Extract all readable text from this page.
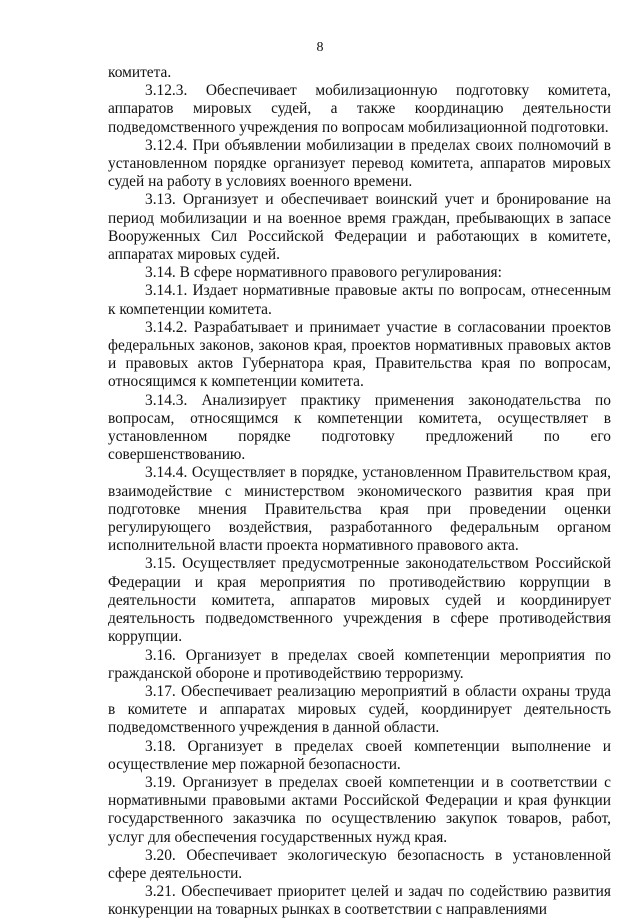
8

комитета.

3.12.3. Обеспечивает мобилизационную подготовку комитета, аппаратов мировых судей, а также координацию деятельности подведомственного учреждения по вопросам мобилизационной подготовки.

3.12.4. При объявлении мобилизации в пределах своих полномочий в установленном порядке организует перевод комитета, аппаратов мировых судей на работу в условиях военного времени.

3.13. Организует и обеспечивает воинский учет и бронирование на период мобилизации и на военное время граждан, пребывающих в запасе Вооруженных Сил Российской Федерации и работающих в комитете, аппаратах мировых судей.

3.14. В сфере нормативного правового регулирования:

3.14.1. Издает нормативные правовые акты по вопросам, отнесенным к компетенции комитета.

3.14.2. Разрабатывает и принимает участие в согласовании проектов федеральных законов, законов края, проектов нормативных правовых актов и правовых актов Губернатора края, Правительства края по вопросам, относящимся к компетенции комитета.

3.14.3. Анализирует практику применения законодательства по вопросам, относящимся к компетенции комитета, осуществляет в установленном порядке подготовку предложений по его совершенствованию.

3.14.4. Осуществляет в порядке, установленном Правительством края, взаимодействие с министерством экономического развития края при подготовке мнения Правительства края при проведении оценки регулирующего воздействия, разработанного федеральным органом исполнительной власти проекта нормативного правового акта.

3.15. Осуществляет предусмотренные законодательством Российской Федерации и края мероприятия по противодействию коррупции в деятельности комитета, аппаратов мировых судей и координирует деятельность подведомственного учреждения в сфере противодействия коррупции.

3.16. Организует в пределах своей компетенции мероприятия по гражданской обороне и противодействию терроризму.

3.17. Обеспечивает реализацию мероприятий в области охраны труда в комитете и аппаратах мировых судей, координирует деятельность подведомственного учреждения в данной области.

3.18. Организует в пределах своей компетенции выполнение и осуществление мер пожарной безопасности.

3.19. Организует в пределах своей компетенции и в соответствии с нормативными правовыми актами Российской Федерации и края функции государственного заказчика по осуществлению закупок товаров, работ, услуг для обеспечения государственных нужд края.

3.20. Обеспечивает экологическую безопасность в установленной сфере деятельности.

3.21. Обеспечивает приоритет целей и задач по содействию развития конкуренции на товарных рынках в соответствии с направлениями
